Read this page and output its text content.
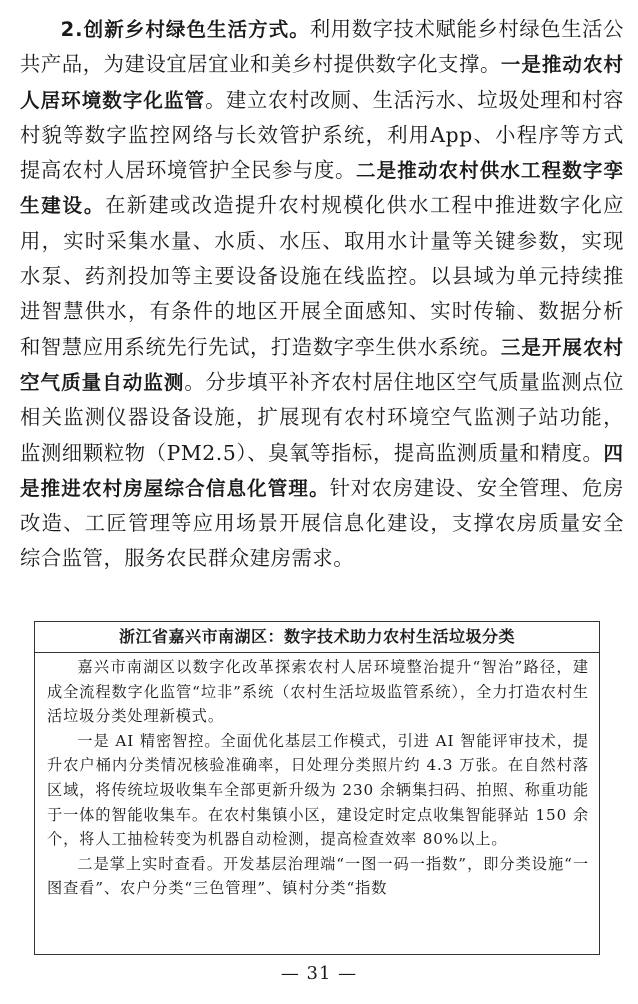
2.创新乡村绿色生活方式。利用数字技术赋能乡村绿色生活公共产品，为建设宜居宜业和美乡村提供数字化支撑。一是推动农村人居环境数字化监管。建立农村改厕、生活污水、垃圾处理和村容村貌等数字监控网络与长效管护系统，利用App、小程序等方式提高农村人居环境管护全民参与度。二是推动农村供水工程数字孪生建设。在新建或改造提升农村规模化供水工程中推进数字化应用，实时采集水量、水质、水压、取用水计量等关键参数，实现水泵、药剂投加等主要设备设施在线监控。以县域为单元持续推进智慧供水，有条件的地区开展全面感知、实时传输、数据分析和智慧应用系统先行先试，打造数字孪生供水系统。三是开展农村空气质量自动监测。分步填平补齐农村居住地区空气质量监测点位相关监测仪器设备设施，扩展现有农村环境空气监测子站功能，监测细颗粒物（PM2.5）、臭氧等指标，提高监测质量和精度。四是推进农村房屋综合信息化管理。针对农房建设、安全管理、危房改造、工匠管理等应用场景开展信息化建设，支撑农房质量安全综合监管，服务农民群众建房需求。

浙江省嘉兴市南湖区：数字技术助力农村生活垃圾分类

嘉兴市南湖区以数字化改革探索农村人居环境整治提升“智治”路径，建成全流程数字化监管“垃非”系统（农村生活垃圾监管系统），全力打造农村生活垃圾分类处理新模式。

一是 AI 精密智控。全面优化基层工作模式，引进 AI 智能评审技术，提升农户桶内分类情况核验准确率，日处理分类照片约 4.3 万张。在自然村落区域，将传统垃圾收集车全部更新升级为 230 余辆集扫码、拍照、称重功能于一体的智能收集车。在农村集镇小区，建设定时定点收集智能驿站 150 余个，将人工抽检转变为机器自动检测，提高检查效率 80%以上。

二是掌上实时查看。开发基层治理端“一图一码一指数”，即分类设施“一图查看”、农户分类“三色管理”、镇村分类“指数

— 31 —
